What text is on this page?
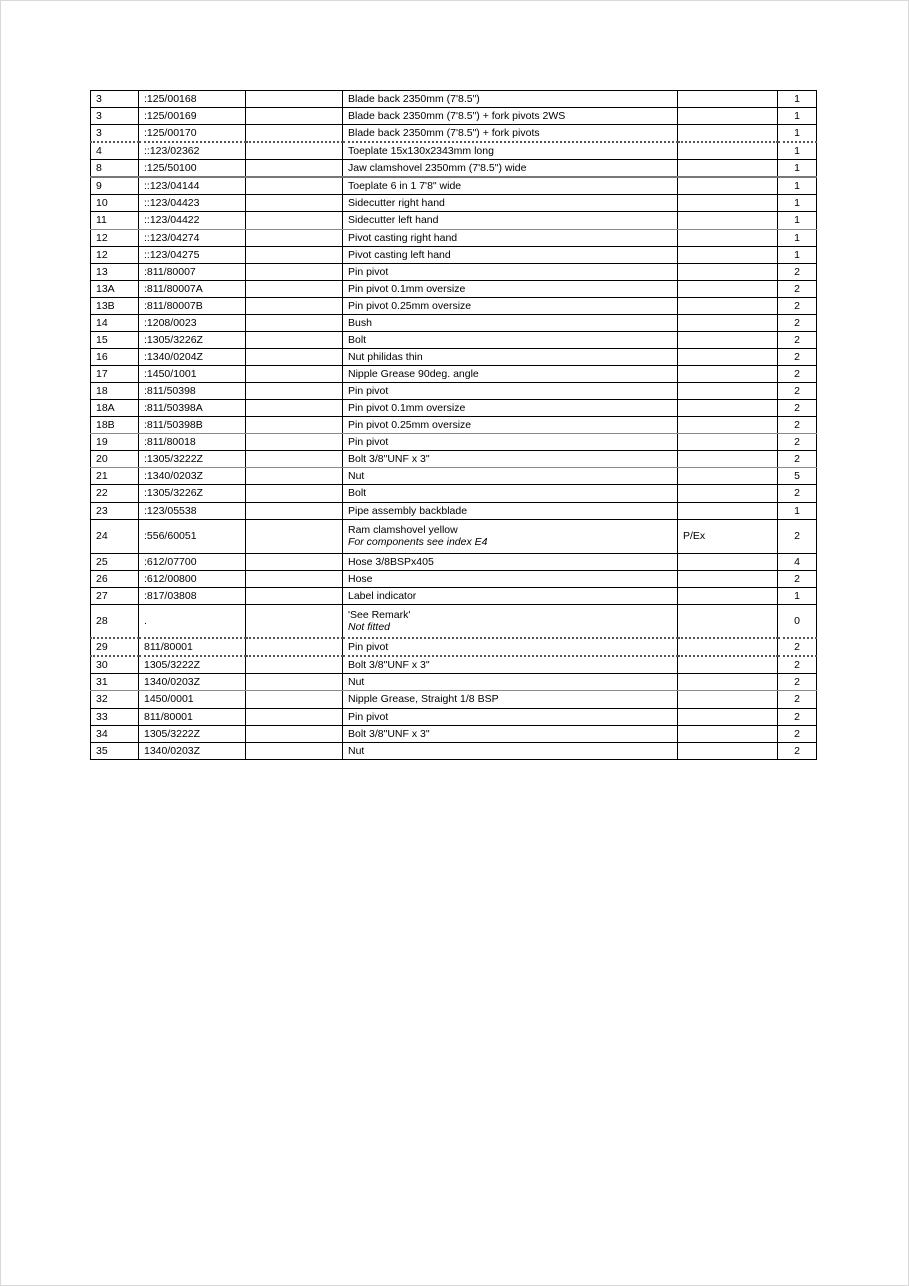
3	:125/00168		Blade back 2350mm (7'8.5")		1
3	:125/00169		Blade back 2350mm (7'8.5") + fork pivots 2WS		1
3	:125/00170		Blade back 2350mm (7'8.5") + fork pivots		1
4	::123/02362		Toeplate 15x130x2343mm long		1
8	:125/50100		Jaw clamshovel 2350mm (7'8.5") wide		1
9	::123/04144		Toeplate 6 in 1 7'8" wide		1
10	::123/04423		Sidecutter right hand		1
11	::123/04422		Sidecutter left hand		1
12	::123/04274		Pivot casting right hand		1
12	::123/04275		Pivot casting left hand		1
13	:811/80007		Pin pivot		2
13A	:811/80007A		Pin pivot 0.1mm oversize		2
13B	:811/80007B		Pin pivot 0.25mm oversize		2
14	:1208/0023		Bush		2
15	:1305/3226Z		Bolt		2
16	:1340/0204Z		Nut philidas thin		2
17	:1450/1001		Nipple Grease 90deg. angle		2
18	:811/50398		Pin pivot		2
18A	:811/50398A		Pin pivot 0.1mm oversize		2
18B	:811/50398B		Pin pivot 0.25mm oversize		2
19	:811/80018		Pin pivot		2
20	:1305/3222Z		Bolt 3/8"UNF x 3"		2
21	:1340/0203Z		Nut		5
22	:1305/3226Z		Bolt		2
23	:123/05538		Pipe assembly backblade		1
24	:556/60051		Ram clamshovel yellow
For components see index E4	P/Ex	2
25	:612/07700		Hose 3/8BSPx405		4
26	:612/00800		Hose		2
27	:817/03808		Label indicator		1
28	.		'See Remark'
Not fitted		0
29	811/80001		Pin pivot		2
30	1305/3222Z		Bolt 3/8"UNF x 3"		2
31	1340/0203Z		Nut		2
32	1450/0001		Nipple Grease, Straight 1/8 BSP		2
33	811/80001		Pin pivot		2
34	1305/3222Z		Bolt 3/8"UNF x 3"		2
35	1340/0203Z		Nut		2
